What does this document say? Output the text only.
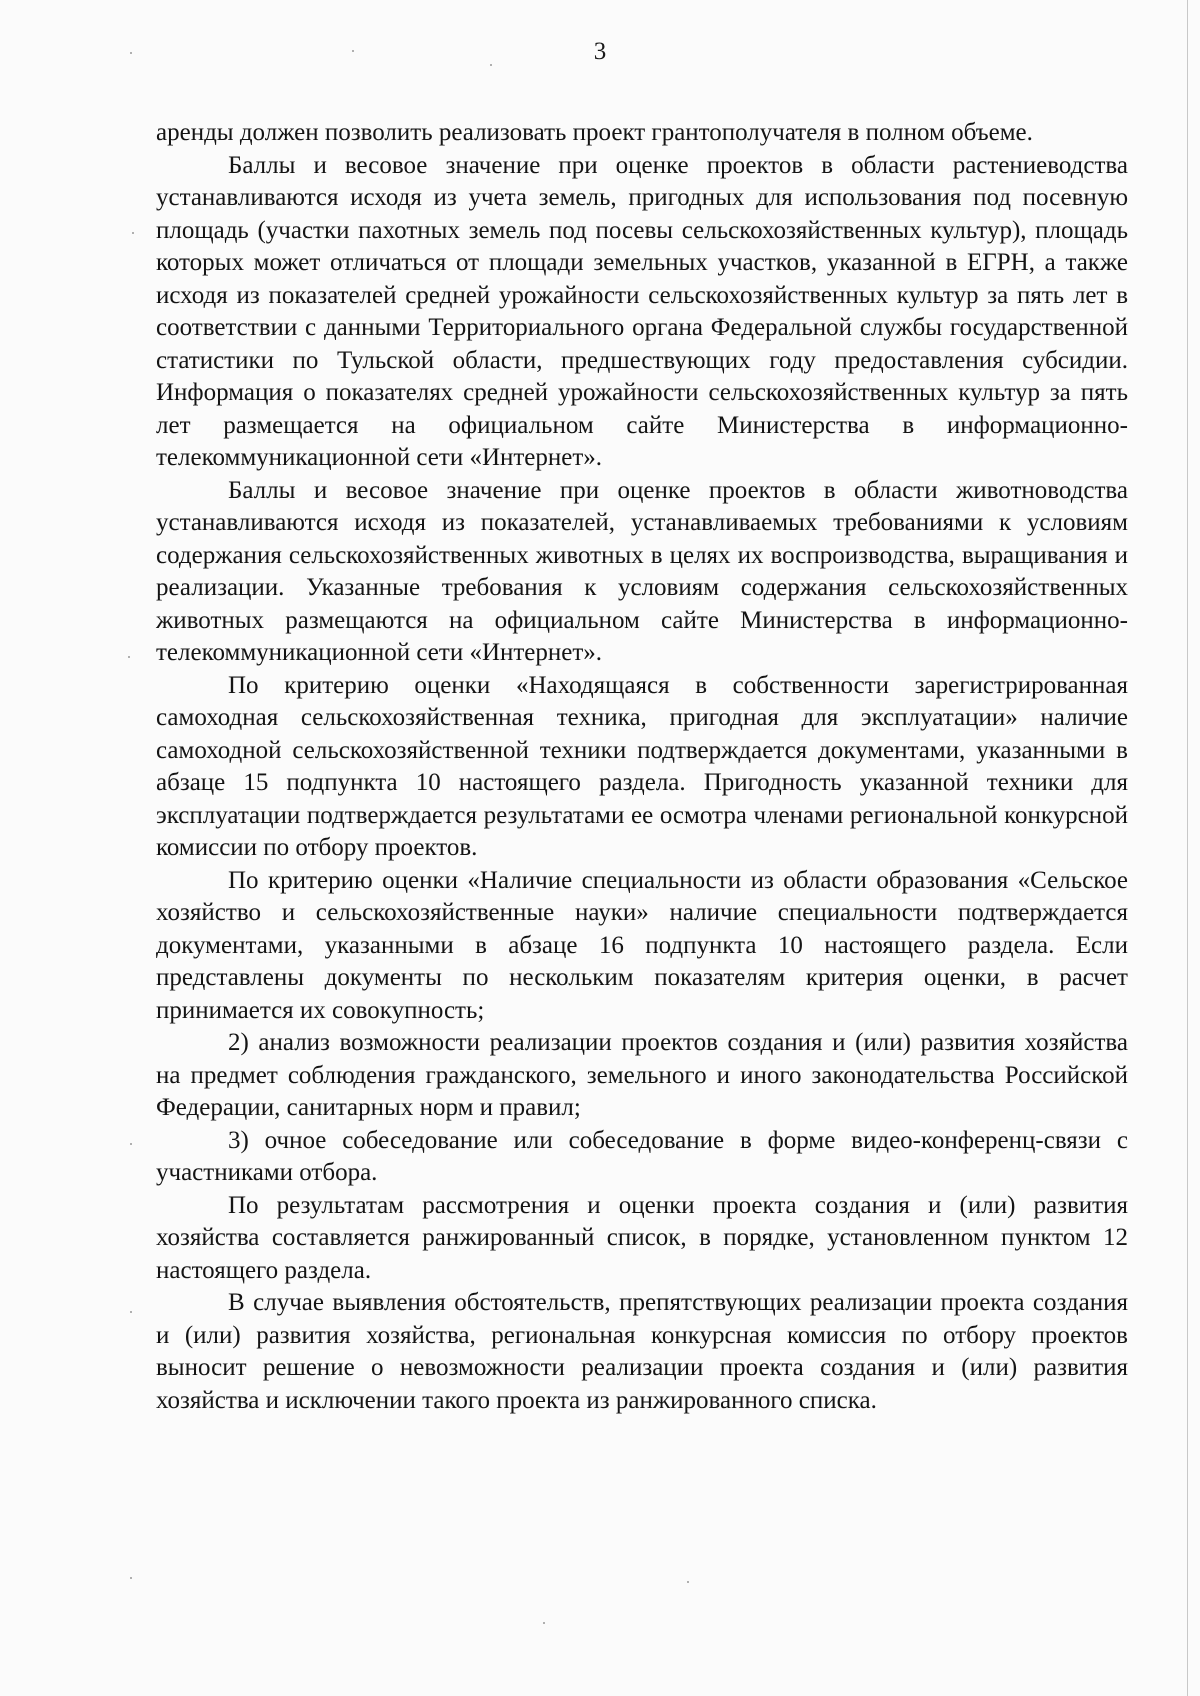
3

аренды должен позволить реализовать проект грантополучателя в полном объеме.

Баллы и весовое значение при оценке проектов в области растениеводства устанавливаются исходя из учета земель, пригодных для использования под посевную площадь (участки пахотных земель под посевы сельскохозяйственных культур), площадь которых может отличаться от площади земельных участков, указанной в ЕГРН, а также исходя из показателей средней урожайности сельскохозяйственных культур за пять лет в соответствии с данными Территориального органа Федеральной службы государственной статистики по Тульской области, предшествующих году предоставления субсидии. Информация о показателях средней урожайности сельскохозяйственных культур за пять лет размещается на официальном сайте Министерства в информационно-телекоммуникационной сети «Интернет».

Баллы и весовое значение при оценке проектов в области животноводства устанавливаются исходя из показателей, устанавливаемых требованиями к условиям содержания сельскохозяйственных животных в целях их воспроизводства, выращивания и реализации. Указанные требования к условиям содержания сельскохозяйственных животных размещаются на официальном сайте Министерства в информационно-телекоммуникационной сети «Интернет».

По критерию оценки «Находящаяся в собственности зарегистрированная самоходная сельскохозяйственная техника, пригодная для эксплуатации» наличие самоходной сельскохозяйственной техники подтверждается документами, указанными в абзаце 15 подпункта 10 настоящего раздела. Пригодность указанной техники для эксплуатации подтверждается результатами ее осмотра членами региональной конкурсной комиссии по отбору проектов.

По критерию оценки «Наличие специальности из области образования «Сельское хозяйство и сельскохозяйственные науки» наличие специальности подтверждается документами, указанными в абзаце 16 подпункта 10 настоящего раздела. Если представлены документы по нескольким показателям критерия оценки, в расчет принимается их совокупность;

2) анализ возможности реализации проектов создания и (или) развития хозяйства на предмет соблюдения гражданского, земельного и иного законодательства Российской Федерации, санитарных норм и правил;

3) очное собеседование или собеседование в форме видео-конференц-связи с участниками отбора.

По результатам рассмотрения и оценки проекта создания и (или) развития хозяйства составляется ранжированный список, в порядке, установленном пунктом 12 настоящего раздела.

В случае выявления обстоятельств, препятствующих реализации проекта создания и (или) развития хозяйства, региональная конкурсная комиссия по отбору проектов выносит решение о невозможности реализации проекта создания и (или) развития хозяйства и исключении такого проекта из ранжированного списка.
